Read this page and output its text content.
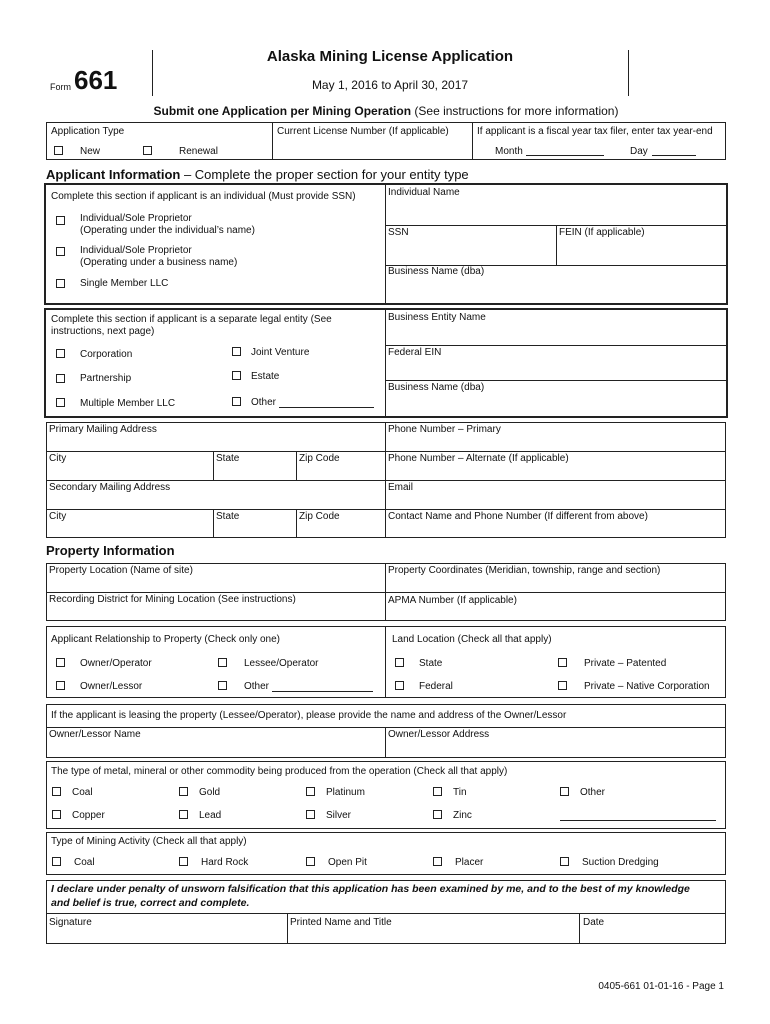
Form 661
Alaska Mining License Application
May 1, 2016 to April 30, 2017
Submit one Application per Mining Operation (See instructions for more information)
Application Type
New	Renewal
Current License Number (If applicable)	If applicant is a fiscal year tax filer, enter tax year-end
Month	Day
Applicant Information – Complete the proper section for your entity type
Complete this section if applicant is an individual (Must provide SSN)
Individual/Sole Proprietor
(Operating under the individual’s name)
Individual/Sole Proprietor
(Operating under a business name)
Single Member LLC
Individual Name
SSN	FEIN (If applicable)
Business Name (dba)
Complete this section if applicant is a separate legal entity (See
instructions, next page)
Corporation	Joint Venture
Partnership	Estate
Multiple Member LLC	Other
Business Entity Name
Federal EIN
Business Name (dba)
Primary Mailing Address	Phone Number – Primary
City	State	Zip Code	Phone Number – Alternate (If applicable)
Secondary Mailing Address	Email
City	State	Zip Code	Contact Name and Phone Number (If different from above)
Property Information
Property Location (Name of site)	Property Coordinates (Meridian, township, range and section)
Recording District for Mining Location (See instructions)	APMA Number (If applicable)
Applicant Relationship to Property (Check only one)
Owner/Operator	Lessee/Operator
Owner/Lessor	Other
Land Location (Check all that apply)
State	Private – Patented
Federal	Private – Native Corporation
If the applicant is leasing the property (Lessee/Operator), please provide the name and address of the Owner/Lessor
Owner/Lessor Name	Owner/Lessor Address
The type of metal, mineral or other commodity being produced from the operation (Check all that apply)
Coal	Gold	Platinum	Tin	Other
Copper	Lead	Silver	Zinc
Type of Mining Activity (Check all that apply)
Coal	Hard Rock	Open Pit	Placer	Suction Dredging
I declare under penalty of unsworn falsification that this application has been examined by me, and to the best of my knowledge
and belief is true, correct and complete.
Signature	Printed Name and Title	Date
0405-661 01-01-16 - Page 1
